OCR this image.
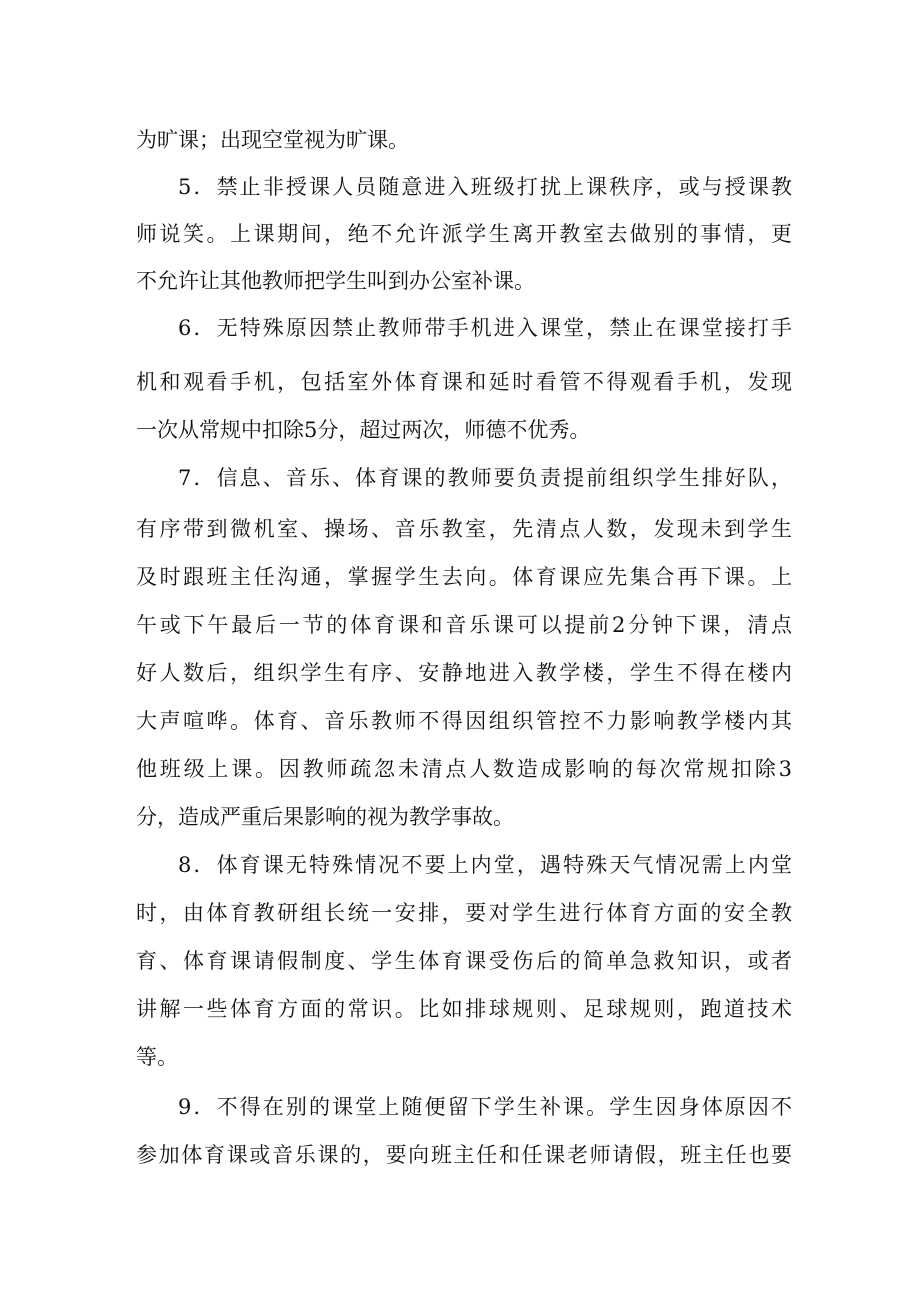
为旷课；出现空堂视为旷课。
5．禁止非授课人员随意进入班级打扰上课秩序，或与授课教
师说笑。上课期间，绝不允许派学生离开教室去做别的事情，更
不允许让其他教师把学生叫到办公室补课。
6．无特殊原因禁止教师带手机进入课堂，禁止在课堂接打手
机和观看手机，包括室外体育课和延时看管不得观看手机，发现
一次从常规中扣除5分，超过两次，师德不优秀。
7．信息、音乐、体育课的教师要负责提前组织学生排好队，
有序带到微机室、操场、音乐教室，先清点人数，发现未到学生
及时跟班主任沟通，掌握学生去向。体育课应先集合再下课。上
午或下午最后一节的体育课和音乐课可以提前2分钟下课，清点
好人数后，组织学生有序、安静地进入教学楼，学生不得在楼内
大声喧哗。体育、音乐教师不得因组织管控不力影响教学楼内其
他班级上课。因教师疏忽未清点人数造成影响的每次常规扣除3
分，造成严重后果影响的视为教学事故。
8．体育课无特殊情况不要上内堂，遇特殊天气情况需上内堂
时，由体育教研组长统一安排，要对学生进行体育方面的安全教
育、体育课请假制度、学生体育课受伤后的简单急救知识，或者
讲解一些体育方面的常识。比如排球规则、足球规则，跑道技术
等。
9．不得在别的课堂上随便留下学生补课。学生因身体原因不
参加体育课或音乐课的，要向班主任和任课老师请假，班主任也要
